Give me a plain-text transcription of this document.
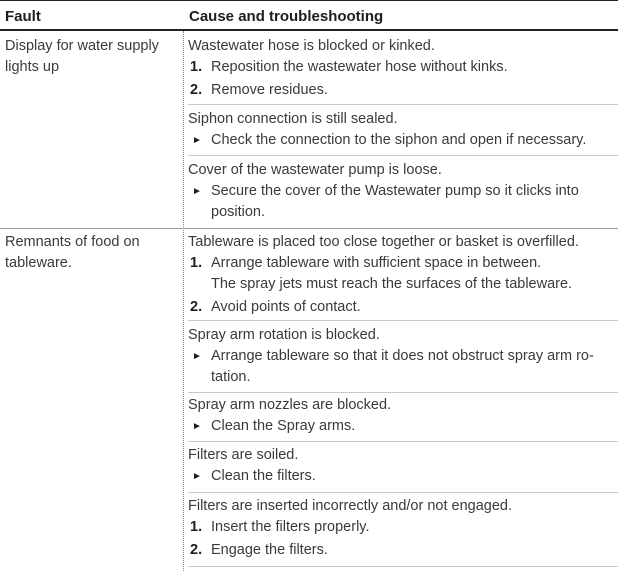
Fault	Cause and troubleshooting
Display for water supply lights up
Wastewater hose is blocked or kinked.
1. Reposition the wastewater hose without kinks.
2. Remove residues.
Siphon connection is still sealed.
► Check the connection to the siphon and open if necessary.
Cover of the wastewater pump is loose.
► Secure the cover of the Wastewater pump so it clicks into position.
Remnants of food on tableware.
Tableware is placed too close together or basket is overfilled.
1. Arrange tableware with sufficient space in between.
The spray jets must reach the surfaces of the tableware.
2. Avoid points of contact.
Spray arm rotation is blocked.
► Arrange tableware so that it does not obstruct spray arm ro-
tation.
Spray arm nozzles are blocked.
► Clean the Spray arms.
Filters are soiled.
► Clean the filters.
Filters are inserted incorrectly and/or not engaged.
1. Insert the filters properly.
2. Engage the filters.
